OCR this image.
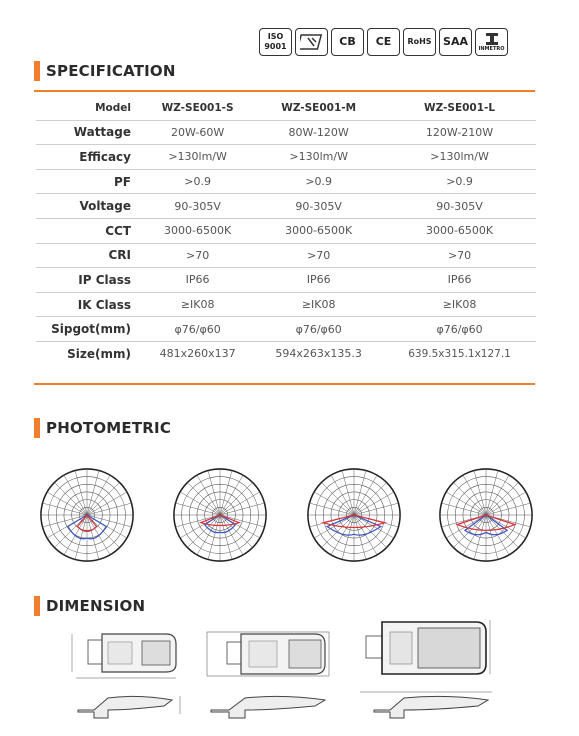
ISO 9001	CB	CE	RoHS	SAA
INMETRO
SPECIFICATION
Model	WZ-SE001-S	WZ-SE001-M	WZ-SE001-L
Wattage	20W-60W	80W-120W	120W-210W
Efficacy	>130lm/W	>130lm/W	>130lm/W
PF	>0.9	>0.9	>0.9
Voltage	90-305V	90-305V	90-305V
CCT	3000-6500K	3000-6500K	3000-6500K
CRI	>70	>70	>70
IP Class	IP66	IP66	IP66
IK Class	≥IK08	≥IK08	≥IK08
Sipgot(mm)	φ76/φ60	φ76/φ60	φ76/φ60
Size(mm)	481x260x137	594x263x135.3	639.5x315.1x127.1
PHOTOMETRIC
DIMENSION
